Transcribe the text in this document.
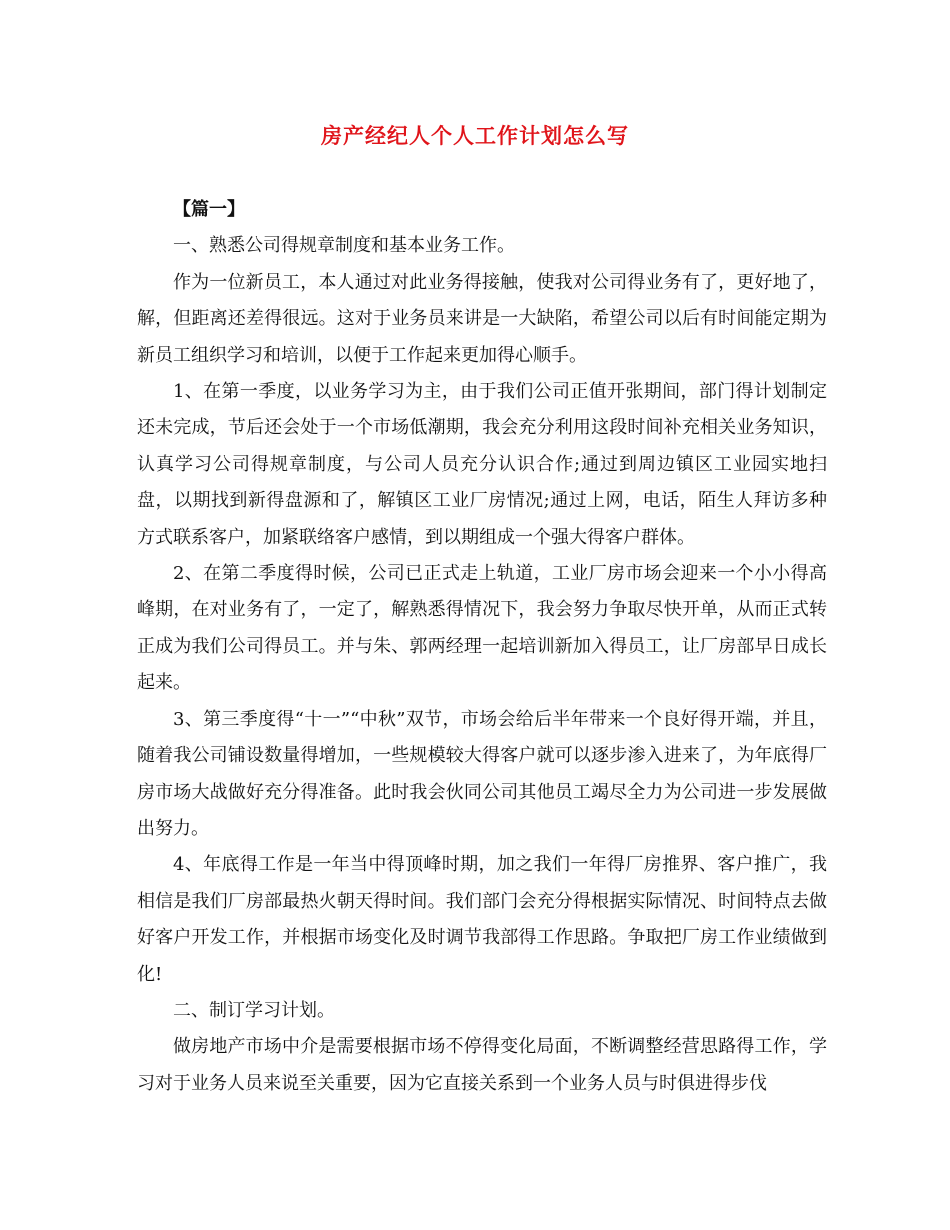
房产经纪人个人工作计划怎么写

【篇一】

一、熟悉公司得规章制度和基本业务工作。

作为一位新员工，本人通过对此业务得接触，使我对公司得业务有了，更好地了，解，但距离还差得很远。这对于业务员来讲是一大缺陷，希望公司以后有时间能定期为新员工组织学习和培训，以便于工作起来更加得心顺手。

1、在第一季度，以业务学习为主，由于我们公司正值开张期间，部门得计划制定还未完成，节后还会处于一个市场低潮期，我会充分利用这段时间补充相关业务知识，认真学习公司得规章制度，与公司人员充分认识合作;通过到周边镇区工业园实地扫盘，以期找到新得盘源和了，解镇区工业厂房情况;通过上网，电话，陌生人拜访多种方式联系客户，加紧联络客户感情，到以期组成一个强大得客户群体。

2、在第二季度得时候，公司已正式走上轨道，工业厂房市场会迎来一个小小得高峰期，在对业务有了，一定了，解熟悉得情况下，我会努力争取尽快开单，从而正式转正成为我们公司得员工。并与朱、郭两经理一起培训新加入得员工，让厂房部早日成长起来。

3、第三季度得“十一”“中秋”双节，市场会给后半年带来一个良好得开端，并且，随着我公司铺设数量得增加，一些规模较大得客户就可以逐步渗入进来了，为年底得厂房市场大战做好充分得准备。此时我会伙同公司其他员工竭尽全力为公司进一步发展做出努力。

4、年底得工作是一年当中得顶峰时期，加之我们一年得厂房推界、客户推广，我相信是我们厂房部最热火朝天得时间。我们部门会充分得根据实际情况、时间特点去做好客户开发工作，并根据市场变化及时调节我部得工作思路。争取把厂房工作业绩做到化!

二、制订学习计划。

做房地产市场中介是需要根据市场不停得变化局面，不断调整经营思路得工作，学习对于业务人员来说至关重要，因为它直接关系到一个业务人员与时俱进得步伐
